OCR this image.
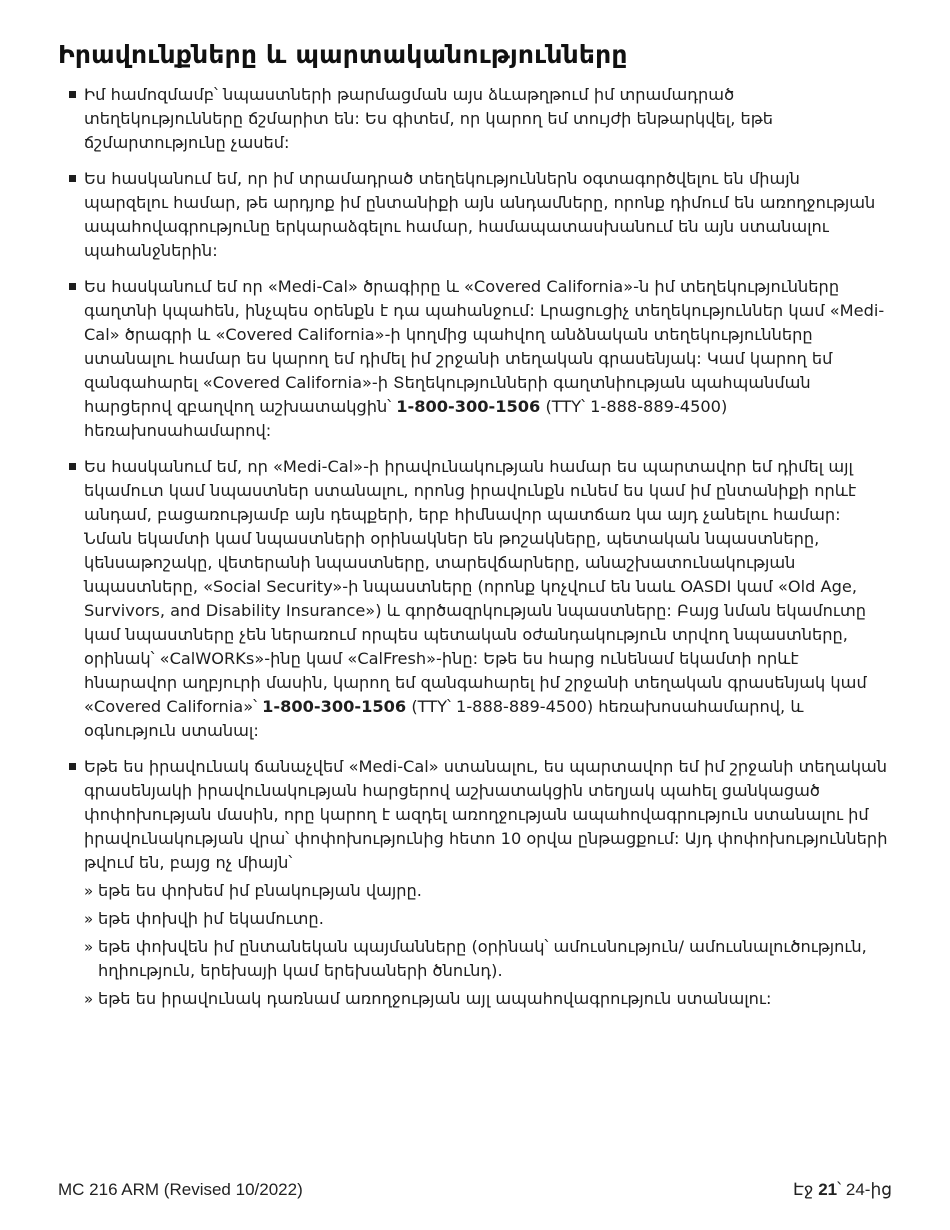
Իրավունքները և պարտականությունները
Իմ համոզմամբ՝ նպաստների թարմացման այս ձևաթղթում իմ տրամադրած տեղեկությունները ճշմարիտ են: Ես գիտեմ, որ կարող եմ տույժի ենթարկվել, եթե ճշմարտությունը չասեմ:
Ես հասկանում եմ, որ իմ տրամադրած տեղեկություններն օգտագործվելու են միայն պարզելու համար, թե արդյոք իմ ընտանիքի այն անդամները, որոնք դիմում են առողջության ապահովագրությունը երկարաձգելու համար, համապատասխանում են այն ստանալու պահանջներին:
Ես հասկանում եմ որ «Medi-Cal» ծրագիրը և «Covered California»-ն իմ տեղեկությունները գաղտնի կպահեն, ինչպես օրենքն է դա պահանջում: Լրացուցիչ տեղեկություններ կամ «Medi-Cal» ծրագրի և «Covered California»-ի կողմից պահվող անձնական տեղեկությունները ստանալու համար ես կարող եմ դիմել իմ շրջանի տեղական գրասենյակ: Կամ կարող եմ զանգահարել «Covered California»-ի Տեղեկությունների գաղտնիության պահպանման հարցերով զբաղվող աշխատակցին՝ 1-800-300-1506 (TTY՝ 1-888-889-4500) հեռախոսահամարով:
Ես հասկանում եմ, որ «Medi-Cal»-ի իրավունակության համար ես պարտավոր եմ դիմել այլ եկամուտ կամ նպաստներ ստանալու, որոնց իրավունքն ունեմ ես կամ իմ ընտանիքի որևէ անդամ, բացառությամբ այն դեպքերի, երբ հիմնավոր պատճառ կա այդ չանելու համար: Նման եկամտի կամ նպաստների օրինակներ են թոշակները, պետական նպաստները, կենսաթոշակը, վետերանի նպաստները, տարեվճարները, անաշխատունակության նպաստները, «Social Security»-ի նպաստները (որոնք կոչվում են նաև OASDI կամ «Old Age, Survivors, and Disability Insurance») և գործազրկության նպաստները: Բայց նման եկամուտը կամ նպաստները չեն ներառում որպես պետական օժանդակություն տրվող նպաստները, օրինակ՝ «CalWORKs»-ինը կամ «CalFresh»-ինը: Եթե ես հարց ունենամ եկամտի որևէ հնարավոր աղբյուրի մասին, կարող եմ զանգահարել իմ շրջանի տեղական գրասենյակ կամ «Covered California»՝ 1-800-300-1506 (TTY՝ 1-888-889-4500) հեռախոսահամարով, և օգնություն ստանալ:
Եթե ես իրավունակ ճանաչվեմ «Medi-Cal» ստանալու, ես պարտավոր եմ իմ շրջանի տեղական գրասենյակի իրավունակության հարցերով աշխատակցին տեղյակ պահել ցանկացած փոփոխության մասին, որը կարող է ազդել առողջության ապահովագրություն ստանալու իմ իրավունակության վրա՝ փոփոխությունից հետո 10 օրվա ընթացքում: Այդ փոփոխությունների թվում են, բայց ոչ միայն՝
» եթե ես փոխեմ իմ բնակության վայրը.
» եթե փոխվի իմ եկամուտը.
» եթե փոխվեն իմ ընտանեկան պայմանները (օրինակ՝ ամուսնություն/ ամուսնալուծություն, հղիություն, երեխայի կամ երեխաների ծնունդ).
» եթե ես իրավունակ դառնամ առողջության այլ ապահովագրություն ստանալու:
MC 216 ARM (Revised 10/2022)	Էջ 21՝ 24-ից
